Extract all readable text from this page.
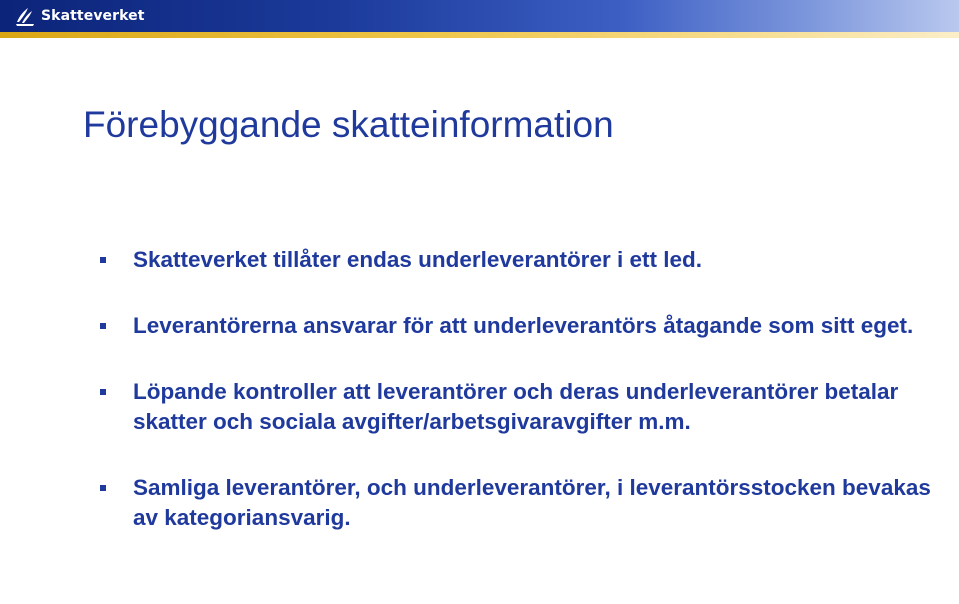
Skatteverket
Förebyggande skatteinformation
Skatteverket tillåter endas underleverantörer i ett led.
Leverantörerna ansvarar för att underleverantörs åtagande som sitt eget.
Löpande kontroller att leverantörer och deras underleverantörer betalar skatter och sociala avgifter/arbetsgivaravgifter m.m.
Samliga leverantörer, och underleverantörer, i leverantörsstocken bevakas av kategoriansvarig.
